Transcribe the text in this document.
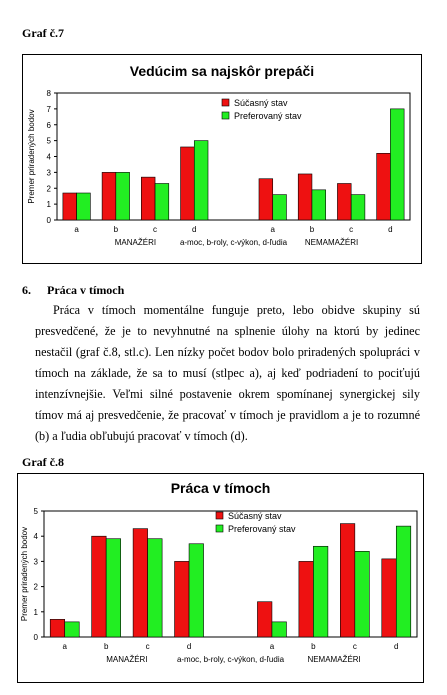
Graf č.7
Vedúcim sa najskôr prepáči
0
1
2
3
4
5
6
7
8
Premer priradených bodov
a	b	c	d	a	b	c	d
MANAŽÉRI	a-moc, b-roly, c-výkon, d-ľudia NEMAMAŽÉRI
Súčasný stav
Preferovaný stav
6. Práca v tímoch
Práca v tímoch momentálne funguje preto, lebo obidve skupiny sú presvedčené, že je to nevyhnutné na splnenie úlohy na ktorú by jedinec nestačil (graf č.8, stl.c). Len nízky počet bodov bolo priradených spolupráci v tímoch na základe, že sa to musí (stlpec a), aj keď podriadení to pociťujú intenzívnejšie. Veľmi silné postavenie okrem spomínanej synergickej sily tímov má aj presvedčenie, že pracovať v tímoch je pravidlom a je to rozumné (b) a ľudia obľubujú pracovať v tímoch (d).
Graf č.8
Práca v tímoch
0
1
2
3
4
5
Premer priradených bodov
a	b	c	d	a	b	c	d
MANAŽÉRI	a-moc, b-roly, c-výkon, d-ľudia	NEMAMAŽÉRI
Súčasný stav
Preferovaný stav
